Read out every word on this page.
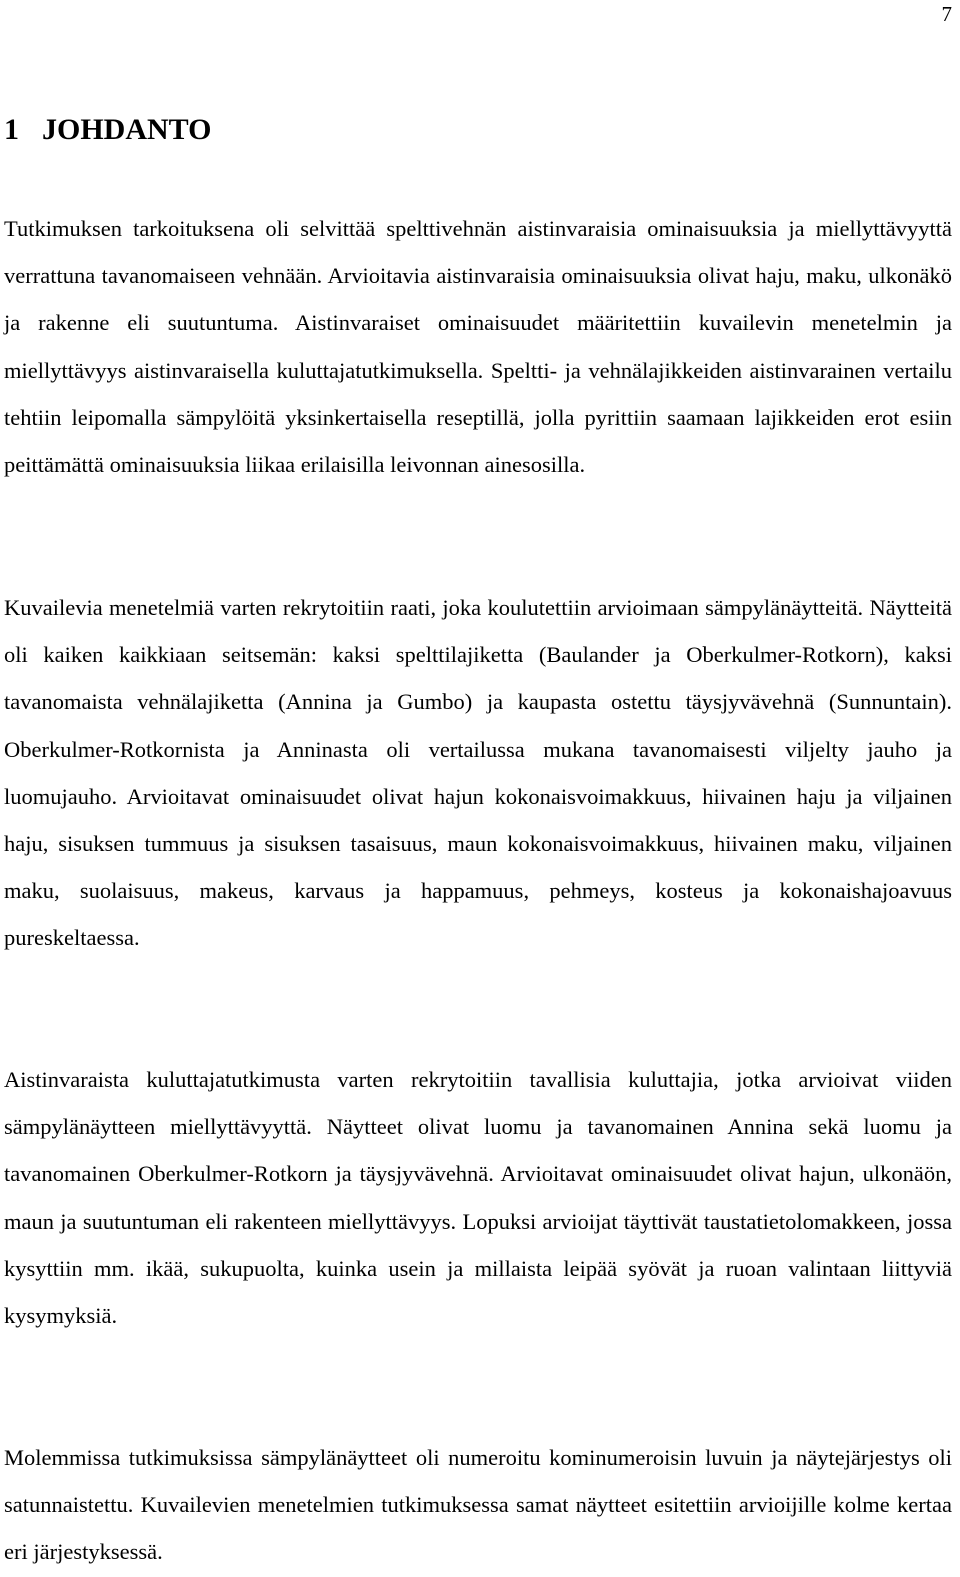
7
1 JOHDANTO

Tutkimuksen tarkoituksena oli selvittää spelttivehnän aistinvaraisia ominaisuuksia ja miellyttävyyttä verrattuna tavanomaiseen vehnään. Arvioitavia aistinvaraisia ominaisuuksia olivat haju, maku, ulkonäkö ja rakenne eli suutuntuma. Aistinvaraiset ominaisuudet määritettiin kuvailevin menetelmin ja miellyttävyys aistinvaraisella kuluttajatutkimuksella. Speltti- ja vehnälajikkeiden aistinvarainen vertailu tehtiin leipomalla sämpylöitä yksinkertaisella reseptillä, jolla pyrittiin saamaan lajikkeiden erot esiin peittämättä ominaisuuksia liikaa erilaisilla leivonnan ainesosilla.

Kuvailevia menetelmiä varten rekrytoitiin raati, joka koulutettiin arvioimaan sämpylänäytteitä. Näytteitä oli kaiken kaikkiaan seitsemän: kaksi spelttilajiketta (Baulander ja Oberkulmer-Rotkorn), kaksi tavanomaista vehnälajiketta (Annina ja Gumbo) ja kaupasta ostettu täysjyvävehnä (Sunnuntain). Oberkulmer-Rotkornista ja Anninasta oli vertailussa mukana tavanomaisesti viljelty jauho ja luomujauho. Arvioitavat ominaisuudet olivat hajun kokonaisvoimakkuus, hiivainen haju ja viljainen haju, sisuksen tummuus ja sisuksen tasaisuus, maun kokonaisvoimakkuus, hiivainen maku, viljainen maku, suolaisuus, makeus, karvaus ja happamuus, pehmeys, kosteus ja kokonaishajoavuus pureskeltaessa.

Aistinvaraista kuluttajatutkimusta varten rekrytoitiin tavallisia kuluttajia, jotka arvioivat viiden sämpylänäytteen miellyttävyyttä. Näytteet olivat luomu ja tavanomainen Annina sekä luomu ja tavanomainen Oberkulmer-Rotkorn ja täysjyvävehnä. Arvioitavat ominaisuudet olivat hajun, ulkonäön, maun ja suutuntuman eli rakenteen miellyttävyys. Lopuksi arvioijat täyttivät taustatietolomakkeen, jossa kysyttiin mm. ikää, sukupuolta, kuinka usein ja millaista leipää syövät ja ruoan valintaan liittyviä kysymyksiä.

Molemmissa tutkimuksissa sämpylänäytteet oli numeroitu kominumeroisin luvuin ja näytejärjestys oli satunnaistettu. Kuvailevien menetelmien tutkimuksessa samat näytteet esitettiin arvioijille kolme kertaa eri järjestyksessä.
